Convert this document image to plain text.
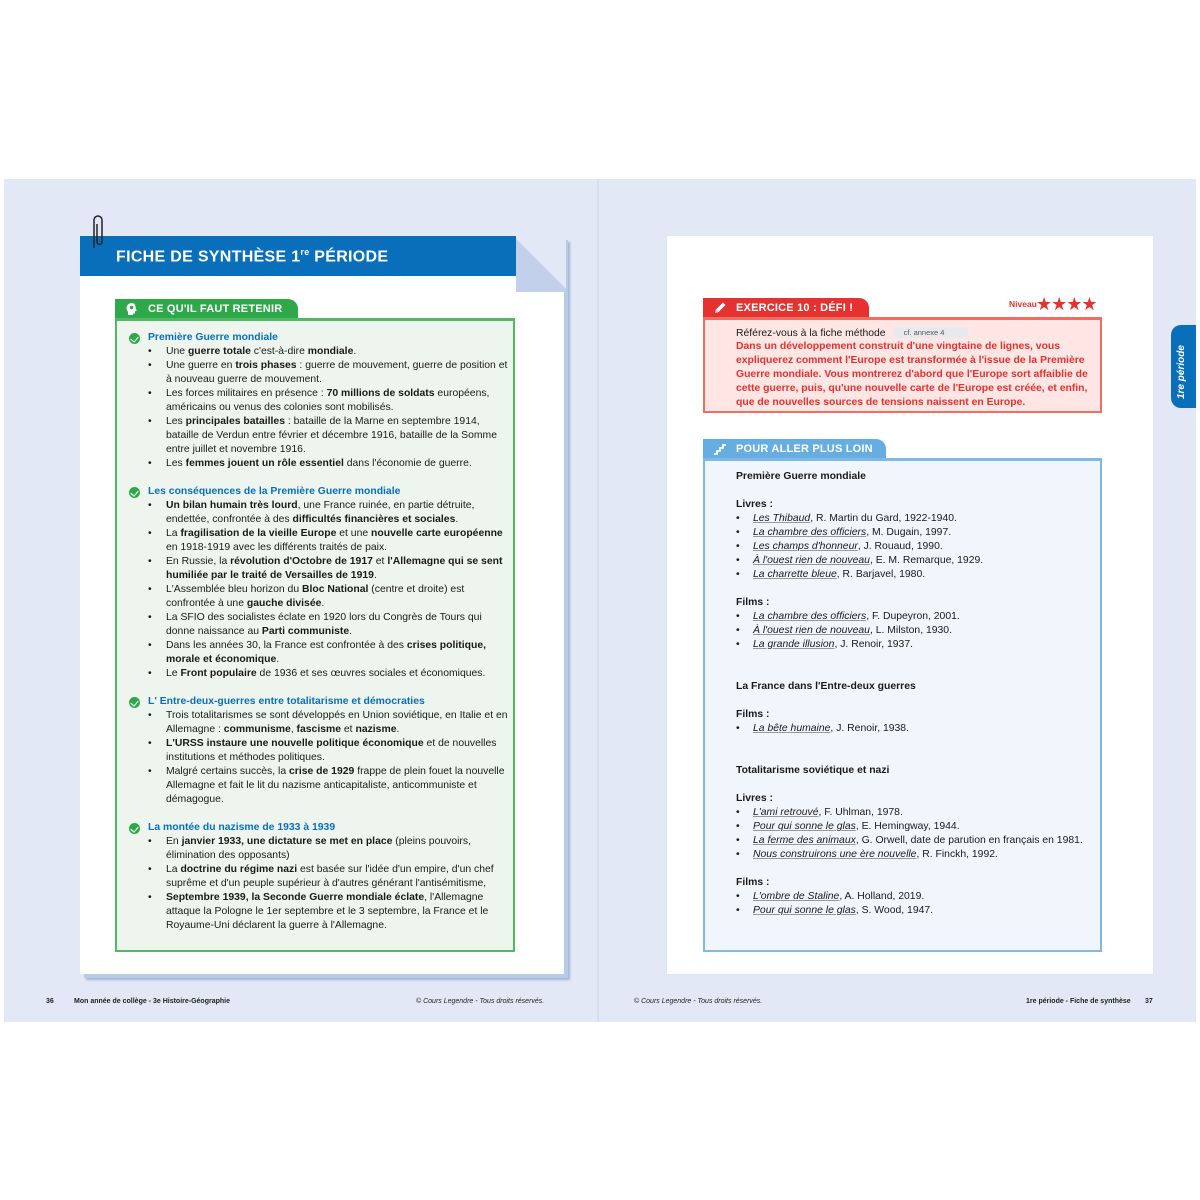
FICHE DE SYNTHÈSE 1re PÉRIODE
CE QU'IL FAUT RETENIR
Première Guerre mondiale
• Une guerre totale c'est-à-dire mondiale.
• Une guerre en trois phases : guerre de mouvement, guerre de position et à nouveau guerre de mouvement.
• Les forces militaires en présence : 70 millions de soldats européens, américains ou venus des colonies sont mobilisés.
• Les principales batailles : bataille de la Marne en septembre 1914, bataille de Verdun entre février et décembre 1916, bataille de la Somme entre juillet et novembre 1916.
• Les femmes jouent un rôle essentiel dans l'économie de guerre.
Les conséquences de la Première Guerre mondiale
• Un bilan humain très lourd, une France ruinée, en partie détruite, endettée, confrontée à des difficultés financières et sociales.
• La fragilisation de la vieille Europe et une nouvelle carte européenne en 1918-1919 avec les différents traités de paix.
• En Russie, la révolution d'Octobre de 1917 et l'Allemagne qui se sent humiliée par le traité de Versailles de 1919.
• L'Assemblée bleu horizon du Bloc National (centre et droite) est confrontée à une gauche divisée.
• La SFIO des socialistes éclate en 1920 lors du Congrès de Tours qui donne naissance au Parti communiste.
• Dans les années 30, la France est confrontée à des crises politique, morale et économique.
• Le Front populaire de 1936 et ses œuvres sociales et économiques.
L' Entre-deux-guerres entre totalitarisme et démocraties
• Trois totalitarismes se sont développés en Union soviétique, en Italie et en Allemagne : communisme, fascisme et nazisme.
• L'URSS instaure une nouvelle politique économique et de nouvelles institutions et méthodes politiques.
• Malgré certains succès, la crise de 1929 frappe de plein fouet la nouvelle Allemagne et fait le lit du nazisme anticapitaliste, anticommuniste et démagogue.
La montée du nazisme de 1933 à 1939
• En janvier 1933, une dictature se met en place (pleins pouvoirs, élimination des opposants)
• La doctrine du régime nazi est basée sur l'idée d'un empire, d'un chef suprême et d'un peuple supérieur à d'autres générant l'antisémitisme,
• Septembre 1939, la Seconde Guerre mondiale éclate, l'Allemagne attaque la Pologne le 1er septembre et le 3 septembre, la France et le Royaume-Uni déclarent la guerre à l'Allemagne.
36	Mon année de collège - 3e Histoire-Géographie	© Cours Legendre - Tous droits réservés.
1re période
EXERCICE 10 : DÉFI !	Niveau ★★★★
Référez-vous à la fiche méthode cf. annexe 4
Dans un développement construit d'une vingtaine de lignes, vous expliquerez comment l'Europe est transformée à l'issue de la Première Guerre mondiale. Vous montrerez d'abord que l'Europe sort affaiblie de cette guerre, puis, qu'une nouvelle carte de l'Europe est créée, et enfin, que de nouvelles sources de tensions naissent en Europe.
POUR ALLER PLUS LOIN
Première Guerre mondiale
Livres :
• Les Thibaud, R. Martin du Gard, 1922-1940.
• La chambre des officiers, M. Dugain, 1997.
• Les champs d'honneur, J. Rouaud, 1990.
• À l'ouest rien de nouveau, E. M. Remarque, 1929.
• La charrette bleue, R. Barjavel, 1980.
Films :
• La chambre des officiers, F. Dupeyron, 2001.
• À l'ouest rien de nouveau, L. Milston, 1930.
• La grande illusion, J. Renoir, 1937.
La France dans l'Entre-deux guerres
Films :
• La bête humaine, J. Renoir, 1938.
Totalitarisme soviétique et nazi
Livres :
• L'ami retrouvé, F. Uhlman, 1978.
• Pour qui sonne le glas, E. Hemingway, 1944.
• La ferme des animaux, G. Orwell, date de parution en français en 1981.
• Nous construirons une ère nouvelle, R. Finckh, 1992.
Films :
• L'ombre de Staline, A. Holland, 2019.
• Pour qui sonne le glas, S. Wood, 1947.
© Cours Legendre - Tous droits réservés.	1re période - Fiche de synthèse 37
